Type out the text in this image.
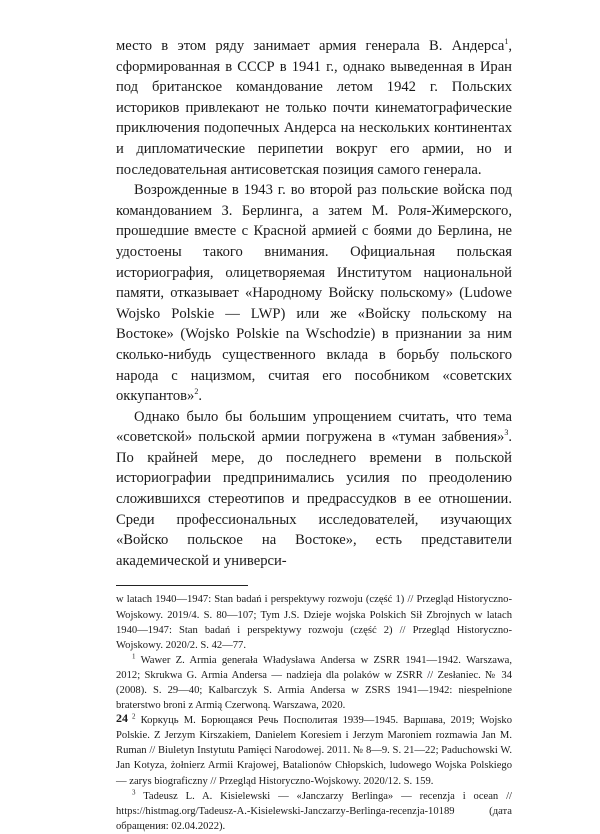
место в этом ряду занимает армия генерала В. Андерса$^1$, сформированная в СССР в 1941 г., однако выведенная в Иран под британское командование летом 1942 г. Польских историков привлекают не только почти кинематографические приключения подопечных Андерса на нескольких континентах и дипломатические перипетии вокруг его армии, но и последовательная антисоветская позиция самого генерала.

Возрожденные в 1943 г. во второй раз польские войска под командованием З. Берлинга, а затем М. Роля-Жимерского, прошедшие вместе с Красной армией с боями до Берлина, не удостоены такого внимания. Официальная польская историография, олицетворяемая Институтом национальной памяти, отказывает «Народному Войску польскому» (Ludowe Wojsko Polskie — LWP) или же «Войску польскому на Востоке» (Wojsko Polskie na Wschodzie) в признании за ним сколько-нибудь существенного вклада в борьбу польского народа с нацизмом, считая его пособником «советских оккупантов»$^2$.

Однако было бы большим упрощением считать, что тема «советской» польской армии погружена в «туман забвения»$^3$. По крайней мере, до последнего времени в польской историографии предпринимались усилия по преодолению сложившихся стереотипов и предрассудков в ее отношении. Среди профессиональных исследователей, изучающих «Войско польское на Востоке», есть представители академической и универси-

w latach 1940—1947: Stan badań i perspektywy rozwoju (część 1) // Przegląd Historyczno-Wojskowy. 2019/4. S. 80—107; Tym J.S. Dzieje wojska Polskich Sił Zbrojnych w latach 1940—1947: Stan badań i perspektywy rozwoju (część 2) // Przegląd Historyczno-Wojskowy. 2020/2. S. 42—77.

$^1$ Wawer Z. Armia generała Władysława Andersa w ZSRR 1941—1942. Warszawa, 2012; Skrukwa G. Armia Andersa — nadzieja dla polaków w ZSRR // Zesłaniec. № 34 (2008). S. 29—40; Kalbarczyk S. Armia Andersa w ZSRS 1941—1942: niespełnione braterstwo broni z Armią Czerwoną. Warszawa, 2020.

$^2$ Коркуць М. Борющаяся Речь Посполитая 1939—1945. Варшава, 2019; Wojsko Polskie. Z Jerzym Kirszakiem, Danielem Koresiem i Jerzym Maroniem rozmawia Jan M. Ruman // Biuletyn Instytutu Pamięci Narodowej. 2011. № 8—9. S. 21—22; Paduchowski W. Jan Kotyza, żołnierz Armii Krajowej, Batalionów Chłopskich, ludowego Wojska Polskiego — zarys biograficzny // Przegląd Historyczno-Wojskowy. 2020/12. S. 159.

$^3$ Tadeusz L. A. Kisielewski — «Janczarzy Berlinga» — recenzja i ocean // https://histmag.org/Tadeusz-A.-Kisielewski-Janczarzy-Berlinga-recenzja-10189 (дата обращения: 02.04.2022).

24
